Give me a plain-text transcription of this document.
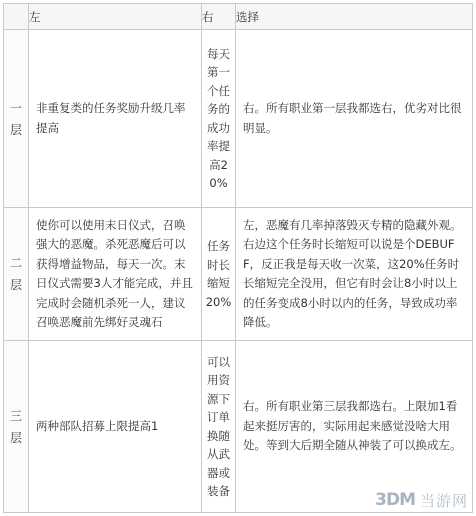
	左	右	选择
一层	非重复类的任务奖励升级几率提高	每天第一个任务的成功率提高20%	右。所有职业第一层我都选右，优劣对比很明显。
二层	使你可以使用末日仪式，召唤强大的恶魔。杀死恶魔后可以获得增益物品，每天一次。末日仪式需要3人才能完成，并且完成时会随机杀死一人，建议召唤恶魔前先绑好灵魂石	任务时长缩短20%	左，恶魔有几率掉落毁灭专精的隐藏外观。右边这个任务时长缩短可以说是个DEBUFF，反正我是每天收一次菜，这20%任务时长缩短完全没用，但它有时会让8小时以上的任务变成8小时以内的任务，导致成功率降低。
三层	两种部队招募上限提高1	可以用资源下订单换随从武器或装备	右。所有职业第三层我都选右。上限加1看起来挺厉害的，实际用起来感觉没啥大用处。等到大后期全随从神装了可以换成左。
3DM 当游网
